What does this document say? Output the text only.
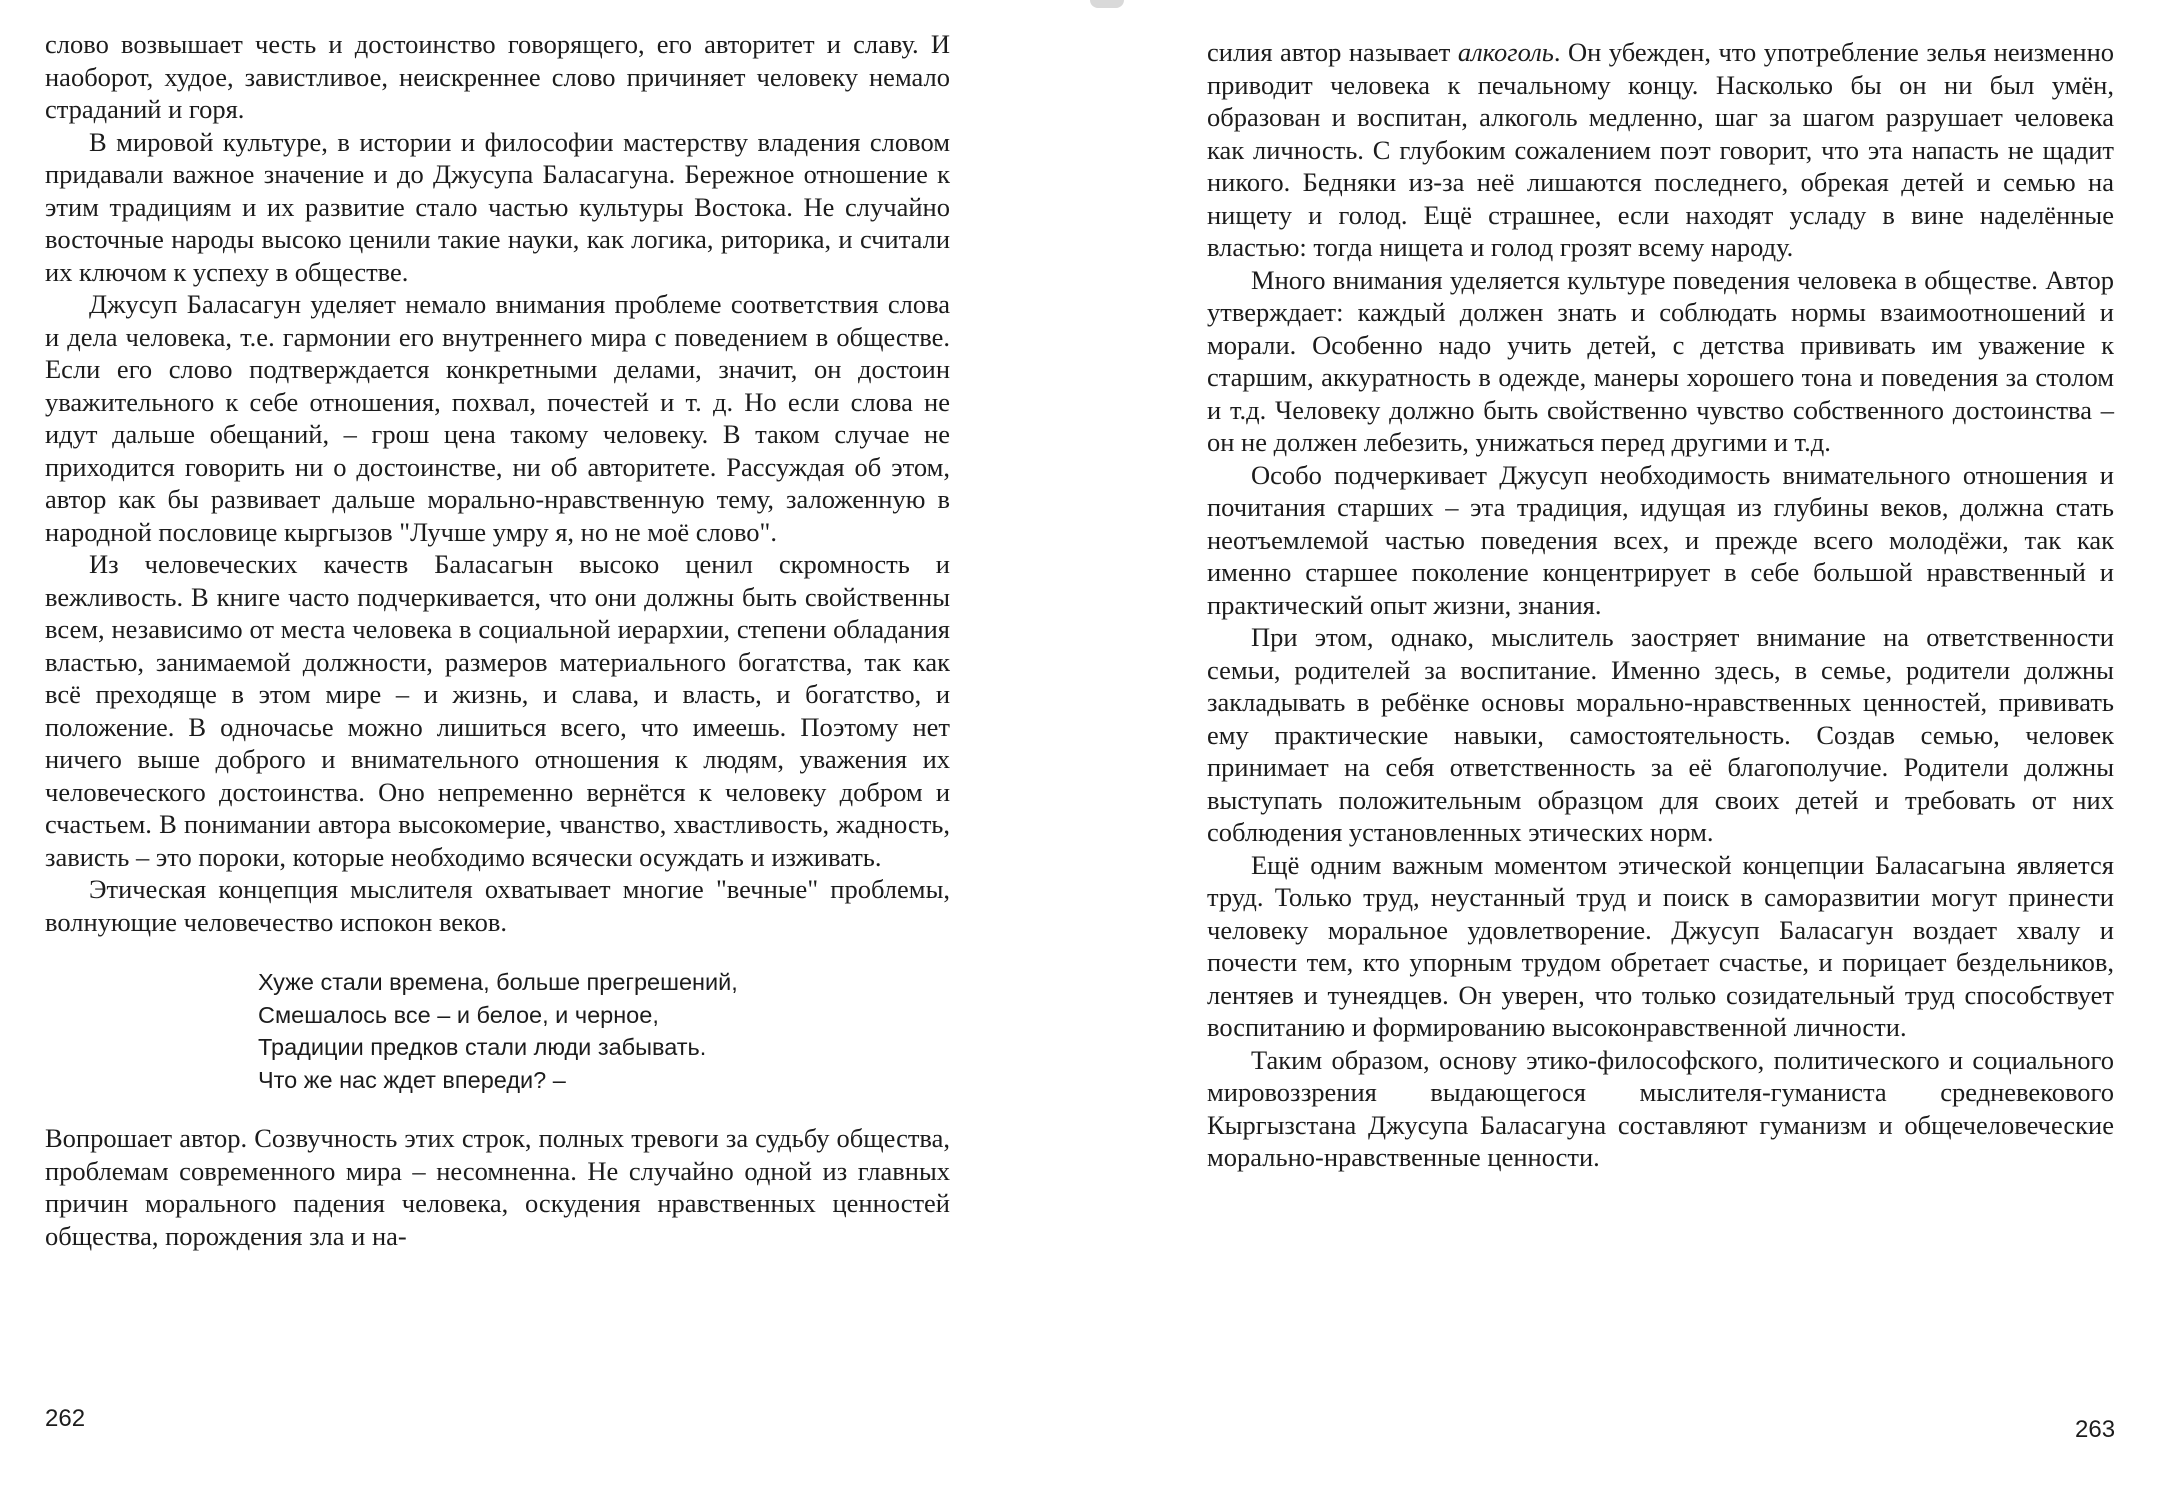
слово возвышает честь и достоинство говорящего, его авторитет и славу. И наоборот, худое, завистливое, неискреннее слово причиняет человеку немало страданий и горя.

В мировой культуре, в истории и философии мастерству владения словом придавали важное значение и до Джусупа Баласагуна. Бережное отношение к этим традициям и их развитие стало частью культуры Востока. Не случайно восточные народы высоко ценили такие науки, как логика, риторика, и считали их ключом к успеху в обществе.

Джусуп Баласагун уделяет немало внимания проблеме соответствия слова и дела человека, т.е. гармонии его внутреннего мира с поведением в обществе. Если его слово подтверждается конкретными делами, значит, он достоин уважительного к себе отношения, похвал, почестей и т. д. Но если слова не идут дальше обещаний, – грош цена такому человеку. В таком случае не приходится говорить ни о достоинстве, ни об авторитете. Рассуждая об этом, автор как бы развивает дальше морально-нравственную тему, заложенную в народной пословице кыргызов "Лучше умру я, но не моё слово".

Из человеческих качеств Баласагын высоко ценил скромность и вежливость. В книге часто подчеркивается, что они должны быть свойственны всем, независимо от места человека в социальной иерархии, степени обладания властью, занимаемой должности, размеров материального богатства, так как всё преходяще в этом мире – и жизнь, и слава, и власть, и богатство, и положение. В одночасье можно лишиться всего, что имеешь. Поэтому нет ничего выше доброго и внимательного отношения к людям, уважения их человеческого достоинства. Оно непременно вернётся к человеку добром и счастьем. В понимании автора высокомерие, чванство, хвастливость, жадность, зависть – это пороки, которые необходимо всячески осуждать и изживать.

Этическая концепция мыслителя охватывает многие "вечные" проблемы, волнующие человечество испокон веков.

Хуже стали времена, больше прегрешений,
Смешалось все – и белое, и черное,
Традиции предков стали люди забывать.
Что же нас ждет впереди? –

Вопрошает автор. Созвучность этих строк, полных тревоги за судьбу общества, проблемам современного мира – несомненна. Не случайно одной из главных причин морального падения человека, оскудения нравственных ценностей общества, порождения зла и на-

262

силия автор называет алкоголь. Он убежден, что употребление зелья неизменно приводит человека к печальному концу. Насколько бы он ни был умён, образован и воспитан, алкоголь медленно, шаг за шагом разрушает человека как личность. С глубоким сожалением поэт говорит, что эта напасть не щадит никого. Бедняки из-за неё лишаются последнего, обрекая детей и семью на нищету и голод. Ещё страшнее, если находят усладу в вине наделённые властью: тогда нищета и голод грозят всему народу.

Много внимания уделяется культуре поведения человека в обществе. Автор утверждает: каждый должен знать и соблюдать нормы взаимоотношений и морали. Особенно надо учить детей, с детства прививать им уважение к старшим, аккуратность в одежде, манеры хорошего тона и поведения за столом и т.д. Человеку должно быть свойственно чувство собственного достоинства – он не должен лебезить, унижаться перед другими и т.д.

Особо подчеркивает Джусуп необходимость внимательного отношения и почитания старших – эта традиция, идущая из глубины веков, должна стать неотъемлемой частью поведения всех, и прежде всего молодёжи, так как именно старшее поколение концентрирует в себе большой нравственный и практический опыт жизни, знания.

При этом, однако, мыслитель заостряет внимание на ответственности семьи, родителей за воспитание. Именно здесь, в семье, родители должны закладывать в ребёнке основы морально-нравственных ценностей, прививать ему практические навыки, самостоятельность. Создав семью, человек принимает на себя ответственность за её благополучие. Родители должны выступать положительным образцом для своих детей и требовать от них соблюдения установленных этических норм.

Ещё одним важным моментом этической концепции Баласагына является труд. Только труд, неустанный труд и поиск в саморазвитии могут принести человеку моральное удовлетворение. Джусуп Баласагун воздает хвалу и почести тем, кто упорным трудом обретает счастье, и порицает бездельников, лентяев и тунеядцев. Он уверен, что только созидательный труд способствует воспитанию и формированию высоконравственной личности.

Таким образом, основу этико-философского, политического и социального мировоззрения выдающегося мыслителя-гуманиста средневекового Кыргызстана Джусупа Баласагуна составляют гуманизм и общечеловеческие морально-нравственные ценности.

263
